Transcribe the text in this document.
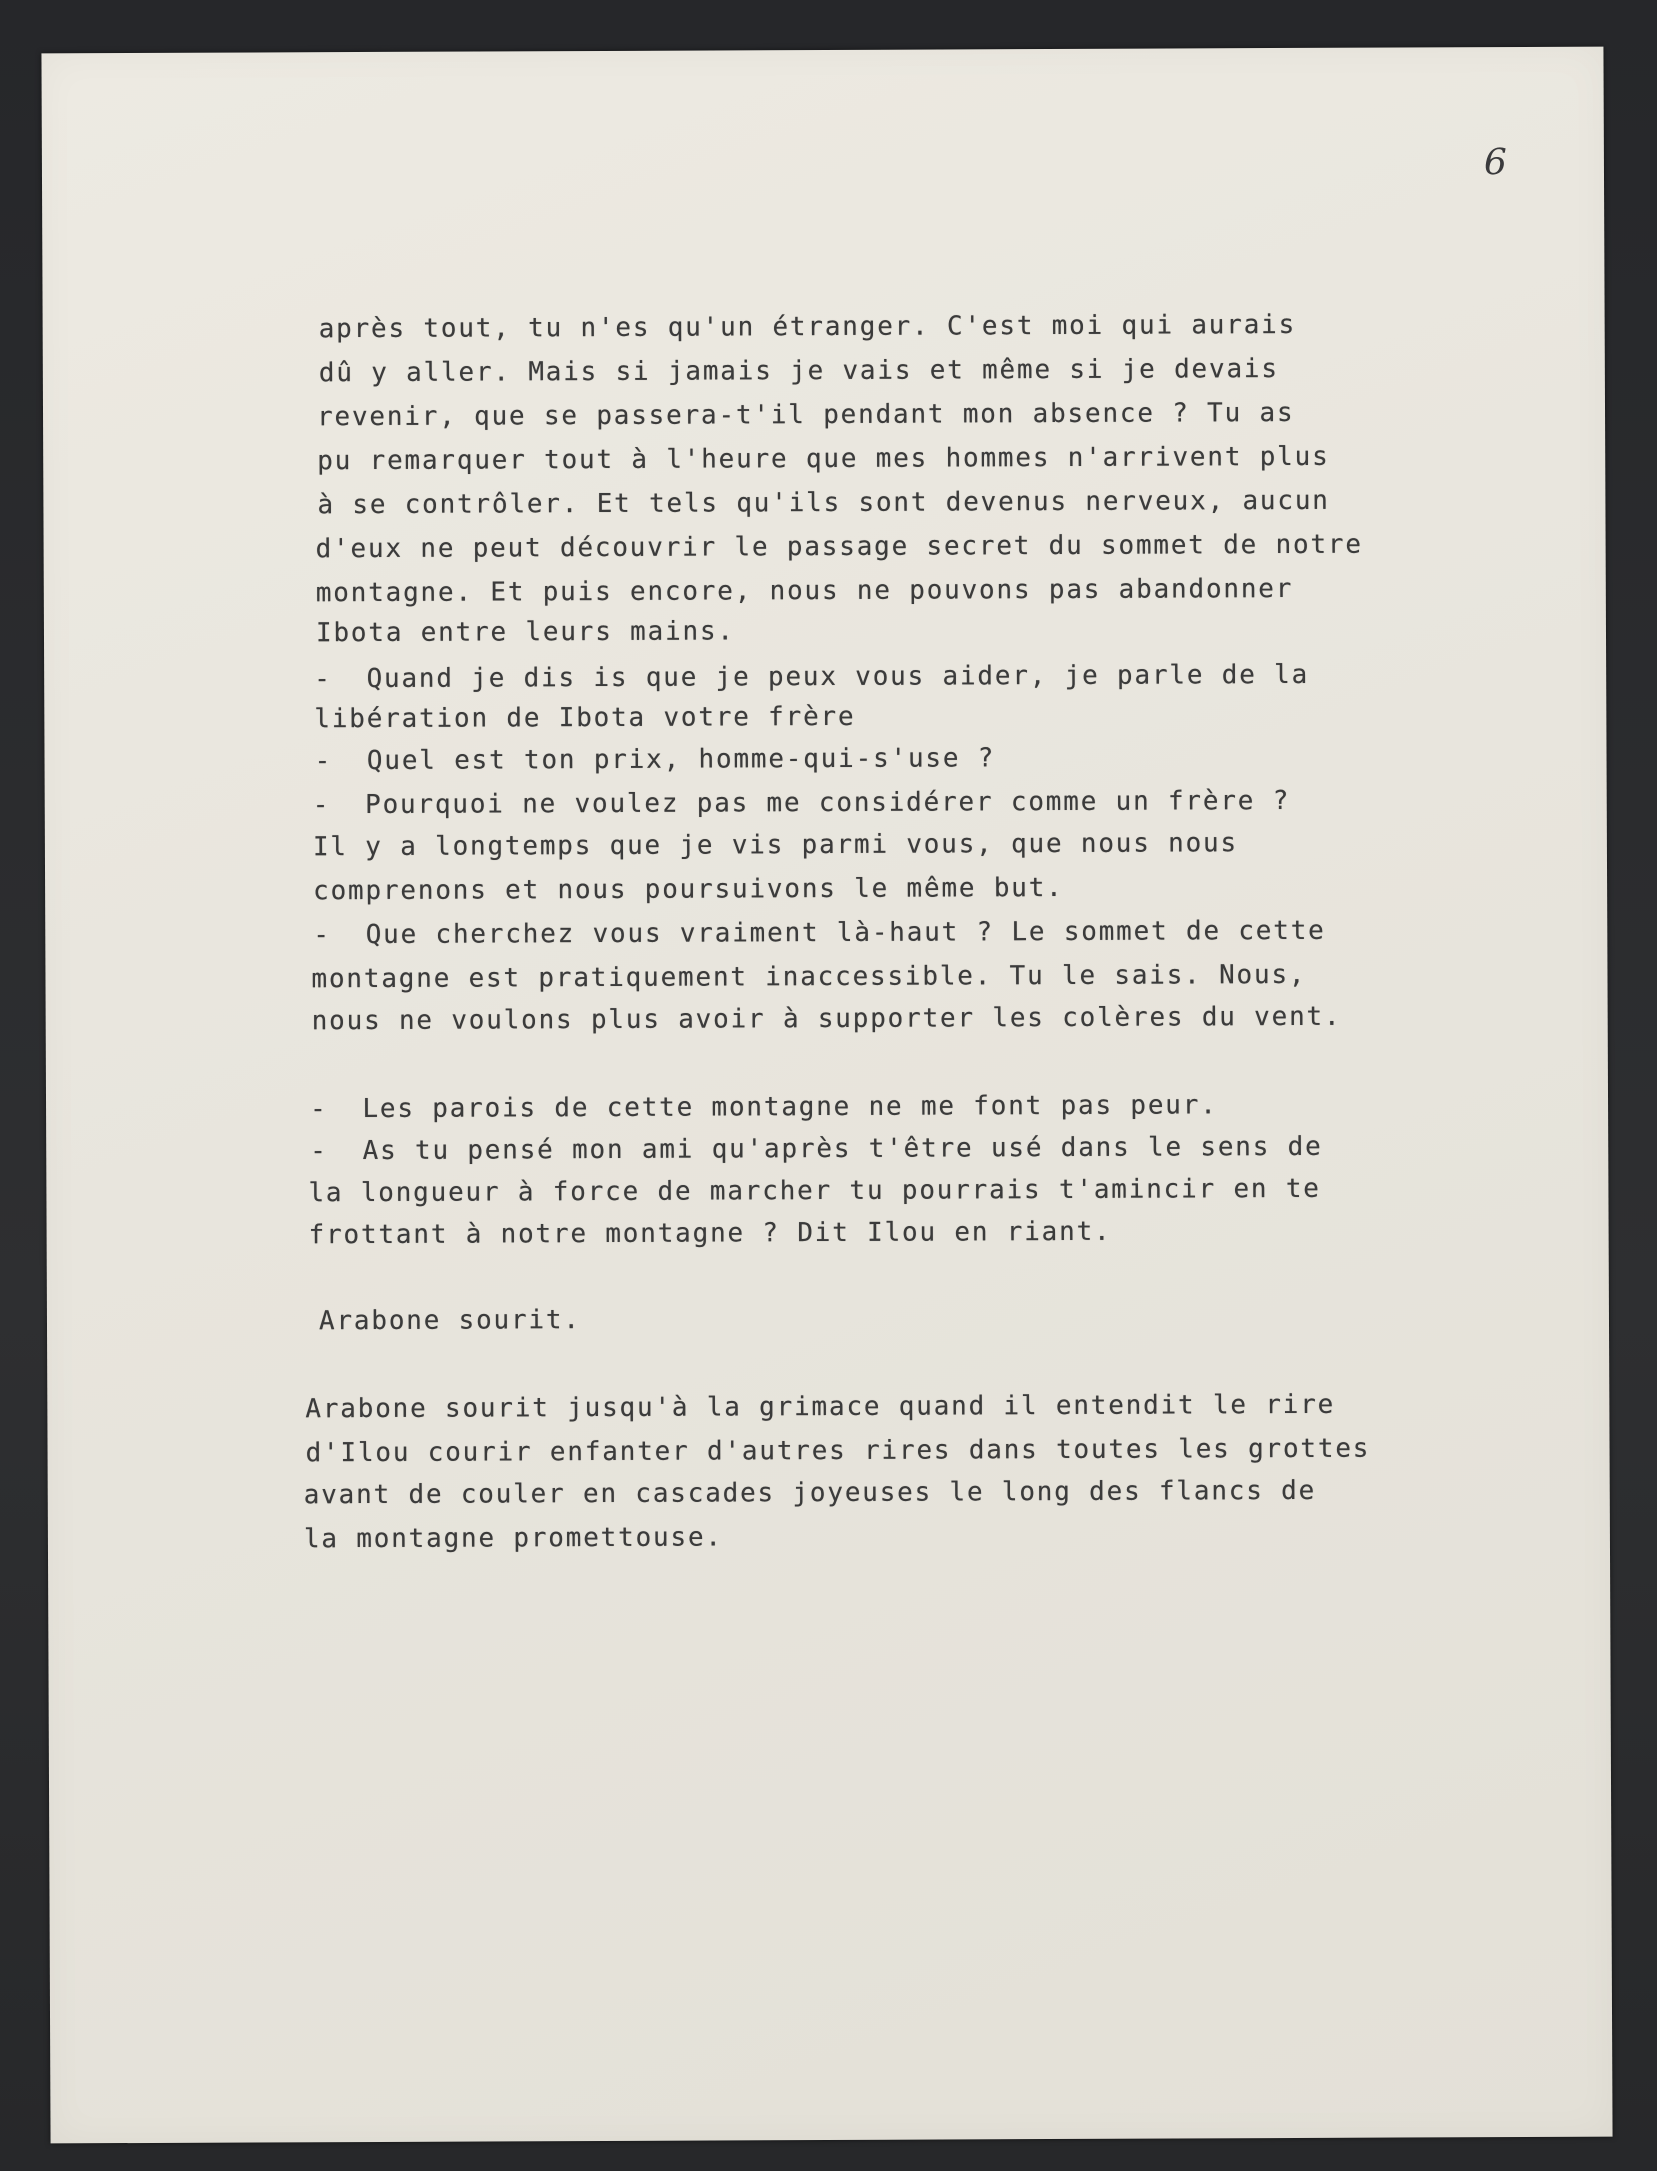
6

après tout, tu n'es qu'un étranger. C'est moi qui aurais

dû y aller. Mais si jamais je vais et même si je devais

revenir, que se passera-t'il pendant mon absence ? Tu as

pu remarquer tout à l'heure que mes hommes n'arrivent plus

à se contrôler. Et tels qu'ils sont devenus nerveux, aucun

d'eux ne peut découvrir le passage secret du sommet de notre

montagne. Et puis encore, nous ne pouvons pas abandonner

Ibota entre leurs mains.

-  Quand je dis is que je peux vous aider, je parle de la

libération de Ibota votre frère

-  Quel est ton prix, homme-qui-s'use ?

-  Pourquoi ne voulez pas me considérer comme un frère ?

Il y a longtemps que je vis parmi vous, que nous nous

comprenons et nous poursuivons le même but.

-  Que cherchez vous vraiment là-haut ? Le sommet de cette

montagne est pratiquement inaccessible. Tu le sais. Nous,

nous ne voulons plus avoir à supporter les colères du vent.

-  Les parois de cette montagne ne me font pas peur.

-  As tu pensé mon ami qu'après t'être usé dans le sens de

la longueur à force de marcher tu pourrais t'amincir en te

frottant à notre montagne ? Dit Ilou en riant.

Arabone sourit.

Arabone sourit jusqu'à la grimace quand il entendit le rire

d'Ilou courir enfanter d'autres rires dans toutes les grottes

avant de couler en cascades joyeuses le long des flancs de

la montagne promettouse.
